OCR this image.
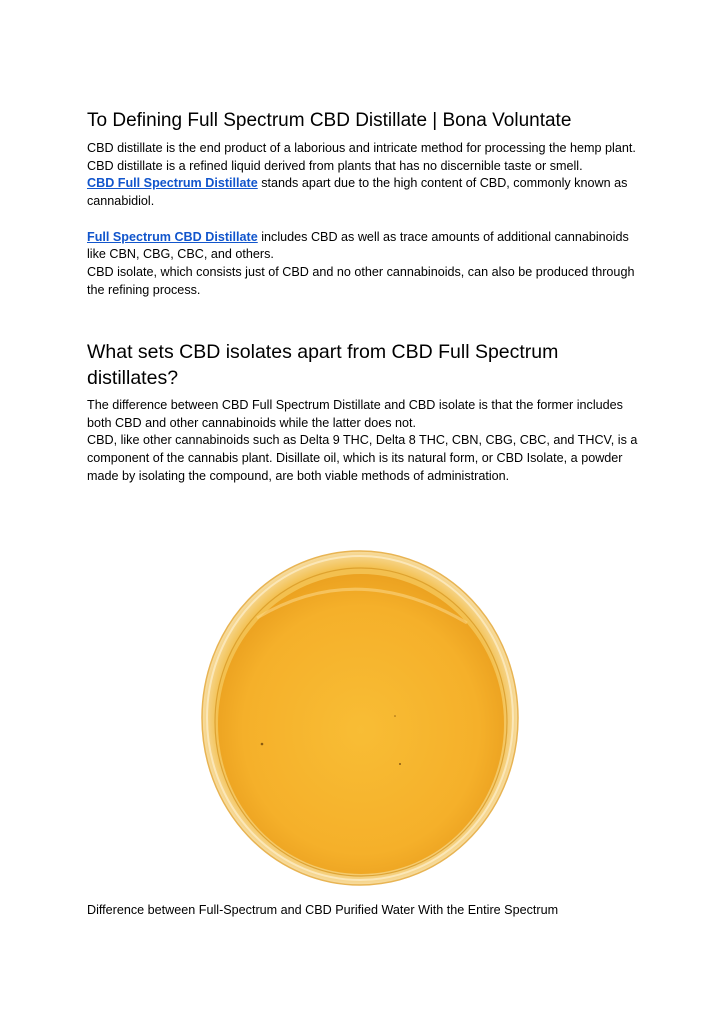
To Defining Full Spectrum CBD Distillate | Bona Voluntate

CBD distillate is the end product of a laborious and intricate method for processing the hemp plant. CBD distillate is a refined liquid derived from plants that has no discernible taste or smell.

CBD Full Spectrum Distillate stands apart due to the high content of CBD, commonly known as cannabidiol.

Full Spectrum CBD Distillate includes CBD as well as trace amounts of additional cannabinoids like CBN, CBG, CBC, and others.

CBD isolate, which consists just of CBD and no other cannabinoids, can also be produced through the refining process.

What sets CBD isolates apart from CBD Full Spectrum distillates?

The difference between CBD Full Spectrum Distillate and CBD isolate is that the former includes both CBD and other cannabinoids while the latter does not.

CBD, like other cannabinoids such as Delta 9 THC, Delta 8 THC, CBN, CBG, CBC, and THCV, is a component of the cannabis plant. Disillate oil, which is its natural form, or CBD Isolate, a powder made by isolating the compound, are both viable methods of administration.

Difference between Full-Spectrum and CBD Purified Water With the Entire Spectrum
